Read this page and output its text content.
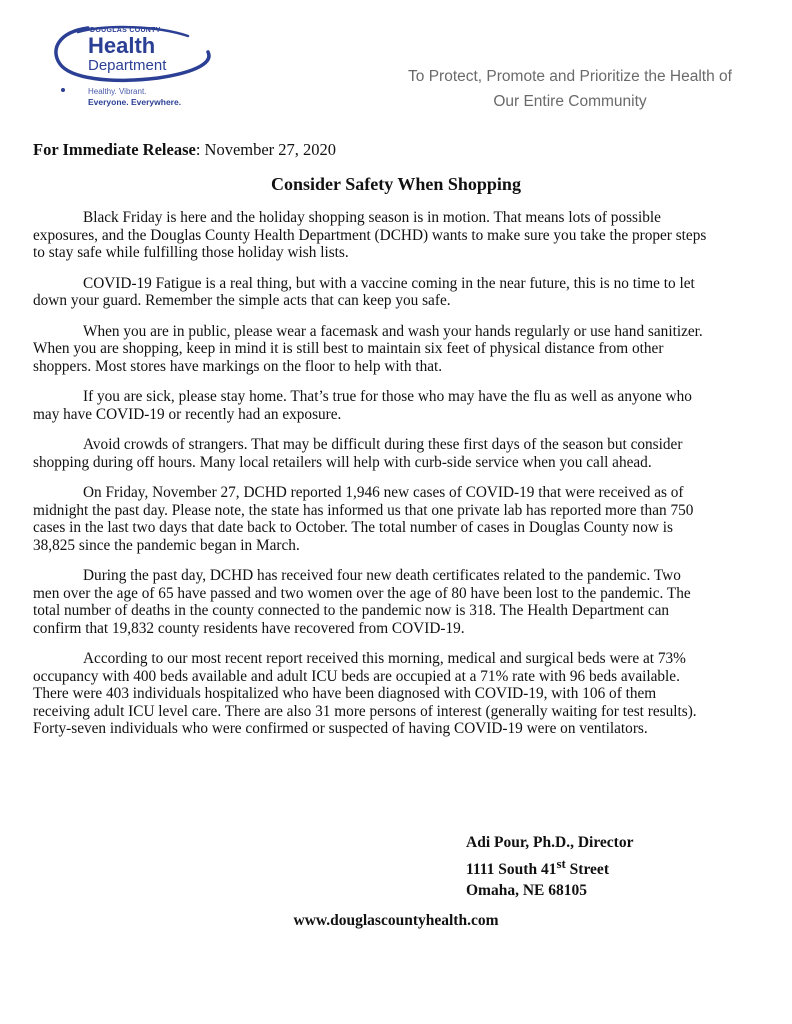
DOUGLAS COUNTY
Health
Department
Healthy. Vibrant.
Everyone. Everywhere.
To Protect, Promote and Prioritize the Health of
Our Entire Community
For Immediate Release: November 27, 2020
Consider Safety When Shopping

Black Friday is here and the holiday shopping season is in motion. That means lots of possible exposures, and the Douglas County Health Department (DCHD) wants to make sure you take the proper steps to stay safe while fulfilling those holiday wish lists.

COVID-19 Fatigue is a real thing, but with a vaccine coming in the near future, this is no time to let down your guard. Remember the simple acts that can keep you safe.

When you are in public, please wear a facemask and wash your hands regularly or use hand sanitizer. When you are shopping, keep in mind it is still best to maintain six feet of physical distance from other shoppers. Most stores have markings on the floor to help with that.

If you are sick, please stay home. That’s true for those who may have the flu as well as anyone who may have COVID-19 or recently had an exposure.

Avoid crowds of strangers. That may be difficult during these first days of the season but consider shopping during off hours. Many local retailers will help with curb-side service when you call ahead.

On Friday, November 27, DCHD reported 1,946 new cases of COVID-19 that were received as of midnight the past day. Please note, the state has informed us that one private lab has reported more than 750 cases in the last two days that date back to October. The total number of cases in Douglas County now is 38,825 since the pandemic began in March.

During the past day, DCHD has received four new death certificates related to the pandemic. Two men over the age of 65 have passed and two women over the age of 80 have been lost to the pandemic. The total number of deaths in the county connected to the pandemic now is 318. The Health Department can confirm that 19,832 county residents have recovered from COVID-19.

According to our most recent report received this morning, medical and surgical beds were at 73% occupancy with 400 beds available and adult ICU beds are occupied at a 71% rate with 96 beds available. There were 403 individuals hospitalized who have been diagnosed with COVID-19, with 106 of them receiving adult ICU level care. There are also 31 more persons of interest (generally waiting for test results). Forty-seven individuals who were confirmed or suspected of having COVID-19 were on ventilators.

Adi Pour, Ph.D., Director
1111 South 41st Street
Omaha, NE 68105
www.douglascountyhealth.com
